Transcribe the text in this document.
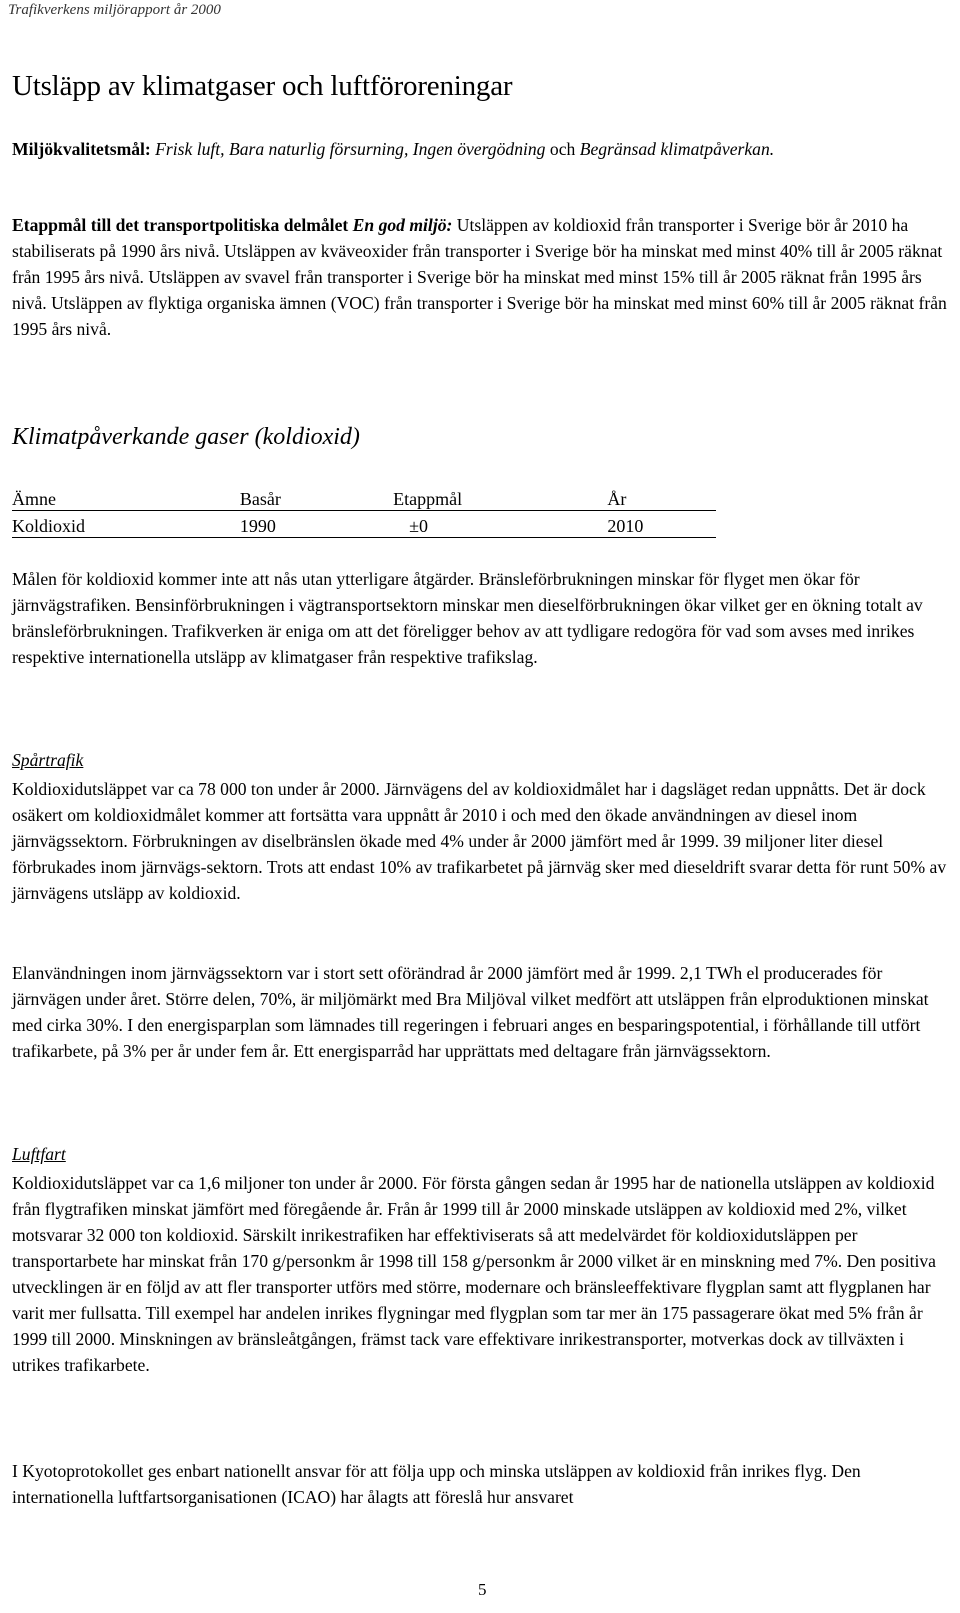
Trafikverkens miljörapport år 2000
Utsläpp av klimatgaser och luftföroreningar

Miljökvalitetsmål: Frisk luft, Bara naturlig försurning, Ingen övergödning och Begränsad klimatpåverkan.

Etappmål till det transportpolitiska delmålet En god miljö: Utsläppen av koldioxid från transporter i Sverige bör år 2010 ha stabiliserats på 1990 års nivå. Utsläppen av kväveoxider från transporter i Sverige bör ha minskat med minst 40% till år 2005 räknat från 1995 års nivå. Utsläppen av svavel från transporter i Sverige bör ha minskat med minst 15% till år 2005 räknat från 1995 års nivå. Utsläppen av flyktiga organiska ämnen (VOC) från transporter i Sverige bör ha minskat med minst 60% till år 2005 räknat från 1995 års nivå.

Klimatpåverkande gaser (koldioxid)
Ämne	Basår	Etappmål	År
Koldioxid	1990	±0	2010

Målen för koldioxid kommer inte att nås utan ytterligare åtgärder. Bränsleförbrukningen minskar för flyget men ökar för järnvägstrafiken. Bensinförbrukningen i vägtransportsektorn minskar men dieselförbrukningen ökar vilket ger en ökning totalt av bränsleförbrukningen. Trafikverken är eniga om att det föreligger behov av att tydligare redogöra för vad som avses med inrikes respektive internationella utsläpp av klimatgaser från respektive trafikslag.

Spårtrafik

Koldioxidutsläppet var ca 78 000 ton under år 2000. Järnvägens del av koldioxidmålet har i dagsläget redan uppnåtts. Det är dock osäkert om koldioxidmålet kommer att fortsätta vara uppnått år 2010 i och med den ökade användningen av diesel inom järnvägssektorn. Förbrukningen av diselbränslen ökade med 4% under år 2000 jämfört med år 1999. 39 miljoner liter diesel förbrukades inom järnvägs-sektorn. Trots att endast 10% av trafikarbetet på järnväg sker med dieseldrift svarar detta för runt 50% av järnvägens utsläpp av koldioxid.

Elanvändningen inom järnvägssektorn var i stort sett oförändrad år 2000 jämfört med år 1999. 2,1 TWh el producerades för järnvägen under året. Större delen, 70%, är miljömärkt med Bra Miljöval vilket medfört att utsläppen från elproduktionen minskat med cirka 30%. I den energisparplan som lämnades till regeringen i februari anges en besparingspotential, i förhållande till utfört trafikarbete, på 3% per år under fem år. Ett energisparråd har upprättats med deltagare från järnvägssektorn.

Luftfart

Koldioxidutsläppet var ca 1,6 miljoner ton under år 2000. För första gången sedan år 1995 har de nationella utsläppen av koldioxid från flygtrafiken minskat jämfört med föregående år. Från år 1999 till år 2000 minskade utsläppen av koldioxid med 2%, vilket motsvarar 32 000 ton koldioxid. Särskilt inrikestrafiken har effektiviserats så att medelvärdet för koldioxidutsläppen per transportarbete har minskat från 170 g/personkm år 1998 till 158 g/personkm år 2000 vilket är en minskning med 7%. Den positiva utvecklingen är en följd av att fler transporter utförs med större, modernare och bränsleeffektivare flygplan samt att flygplanen har varit mer fullsatta. Till exempel har andelen inrikes flygningar med flygplan som tar mer än 175 passagerare ökat med 5% från år 1999 till 2000. Minskningen av bränsleåtgången, främst tack vare effektivare inrikestransporter, motverkas dock av tillväxten i utrikes trafikarbete.

I Kyotoprotokollet ges enbart nationellt ansvar för att följa upp och minska utsläppen av koldioxid från inrikes flyg. Den internationella luftfartsorganisationen (ICAO) har ålagts att föreslå hur ansvaret

5
